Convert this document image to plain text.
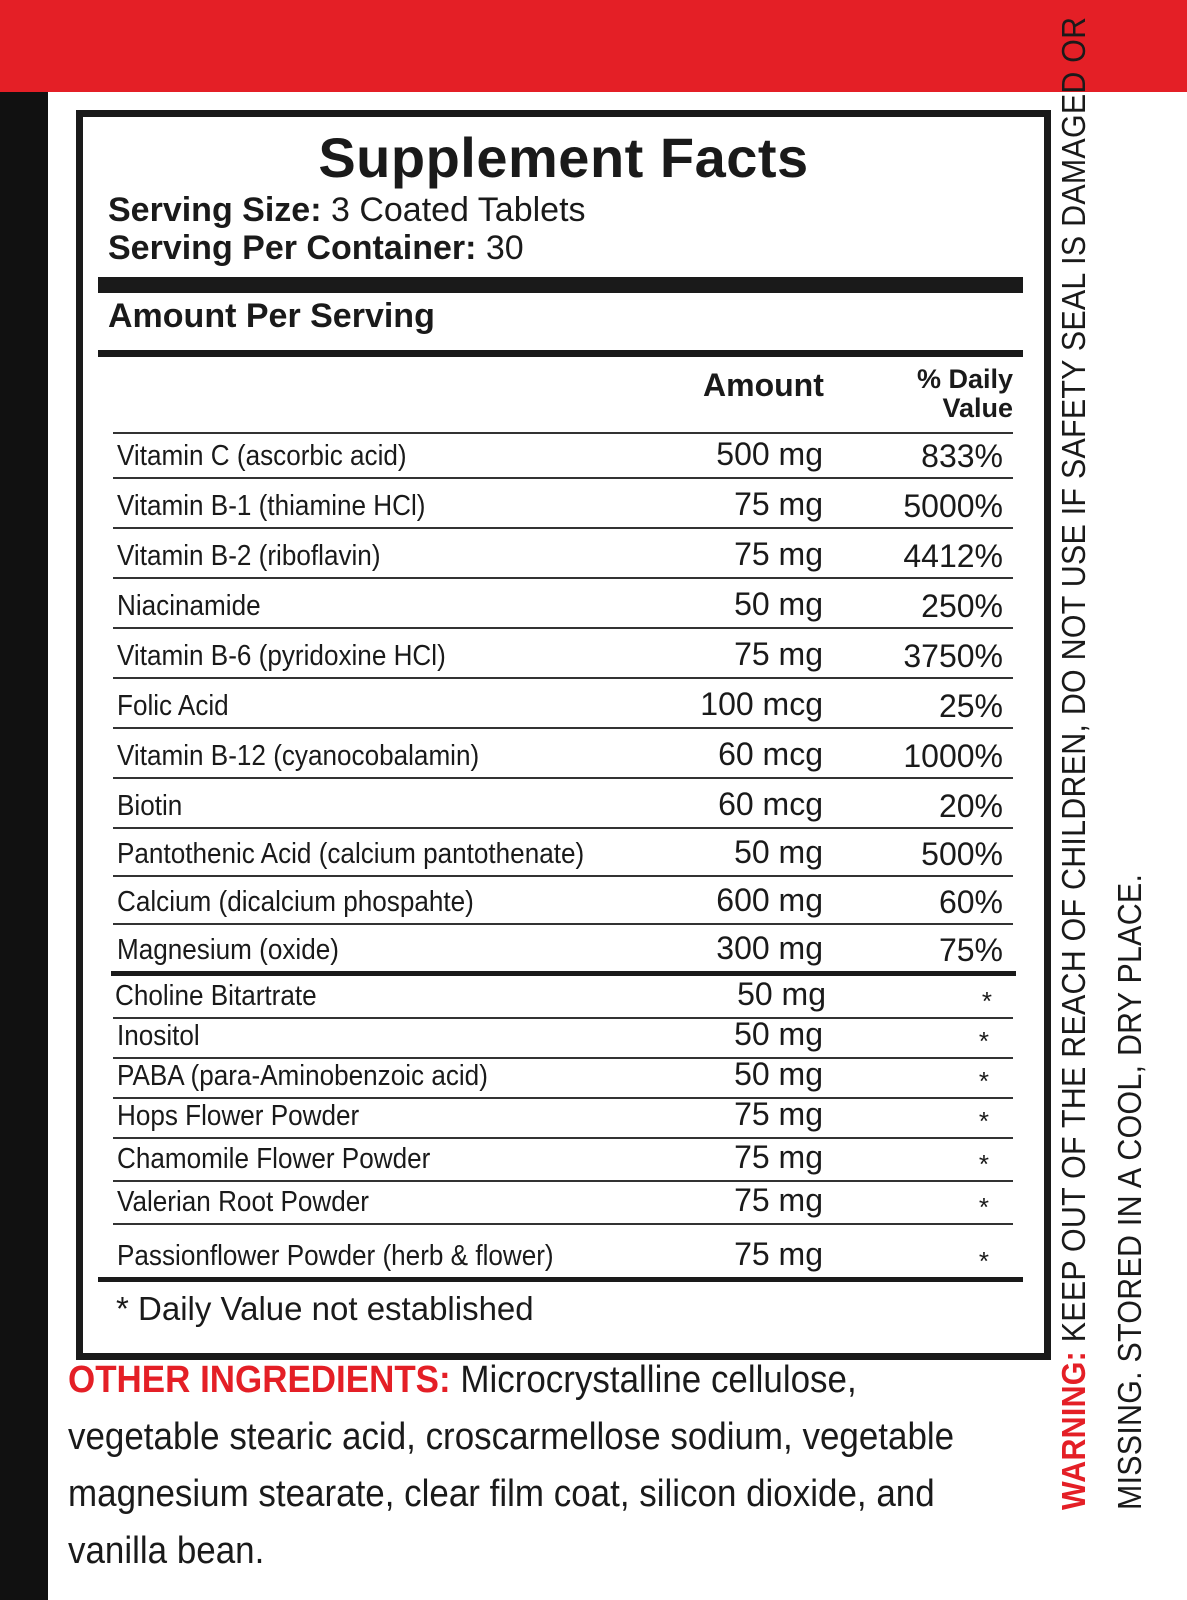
Supplement Facts
Serving Size: 3 Coated Tablets
Serving Per Container: 30
Amount Per Serving
Amount	% Daily
Value
Vitamin C (ascorbic acid)	500 mg	833%
Vitamin B-1 (thiamine HCl)	75 mg	5000%
Vitamin B-2 (riboflavin)	75 mg	4412%
Niacinamide	50 mg	250%
Vitamin B-6 (pyridoxine HCl)	75 mg	3750%
Folic Acid	100 mcg	25%
Vitamin B-12 (cyanocobalamin)	60 mcg	1000%
Biotin	60 mcg	20%
Pantothenic Acid (calcium pantothenate)	50 mg	500%
Calcium (dicalcium phospahte)	600 mg	60%
Magnesium (oxide)	300 mg	75%
Choline Bitartrate	50 mg	*
Inositol	50 mg	*
PABA (para-Aminobenzoic acid)	50 mg	*
Hops Flower Powder	75 mg	*
Chamomile Flower Powder	75 mg	*
Valerian Root Powder	75 mg	*
Passionflower Powder (herb & flower)	75 mg	*
* Daily Value not established
OTHER INGREDIENTS: Microcrystalline cellulose, vegetable stearic acid, croscarmellose sodium, vegetable magnesium stearate, clear film coat, silicon dioxide, and vanilla bean.
WARNING: KEEP OUT OF THE REACH OF CHILDREN, DO NOT USE IF SAFETY SEAL IS DAMAGED OR MISSING. STORED IN A COOL, DRY PLACE.
